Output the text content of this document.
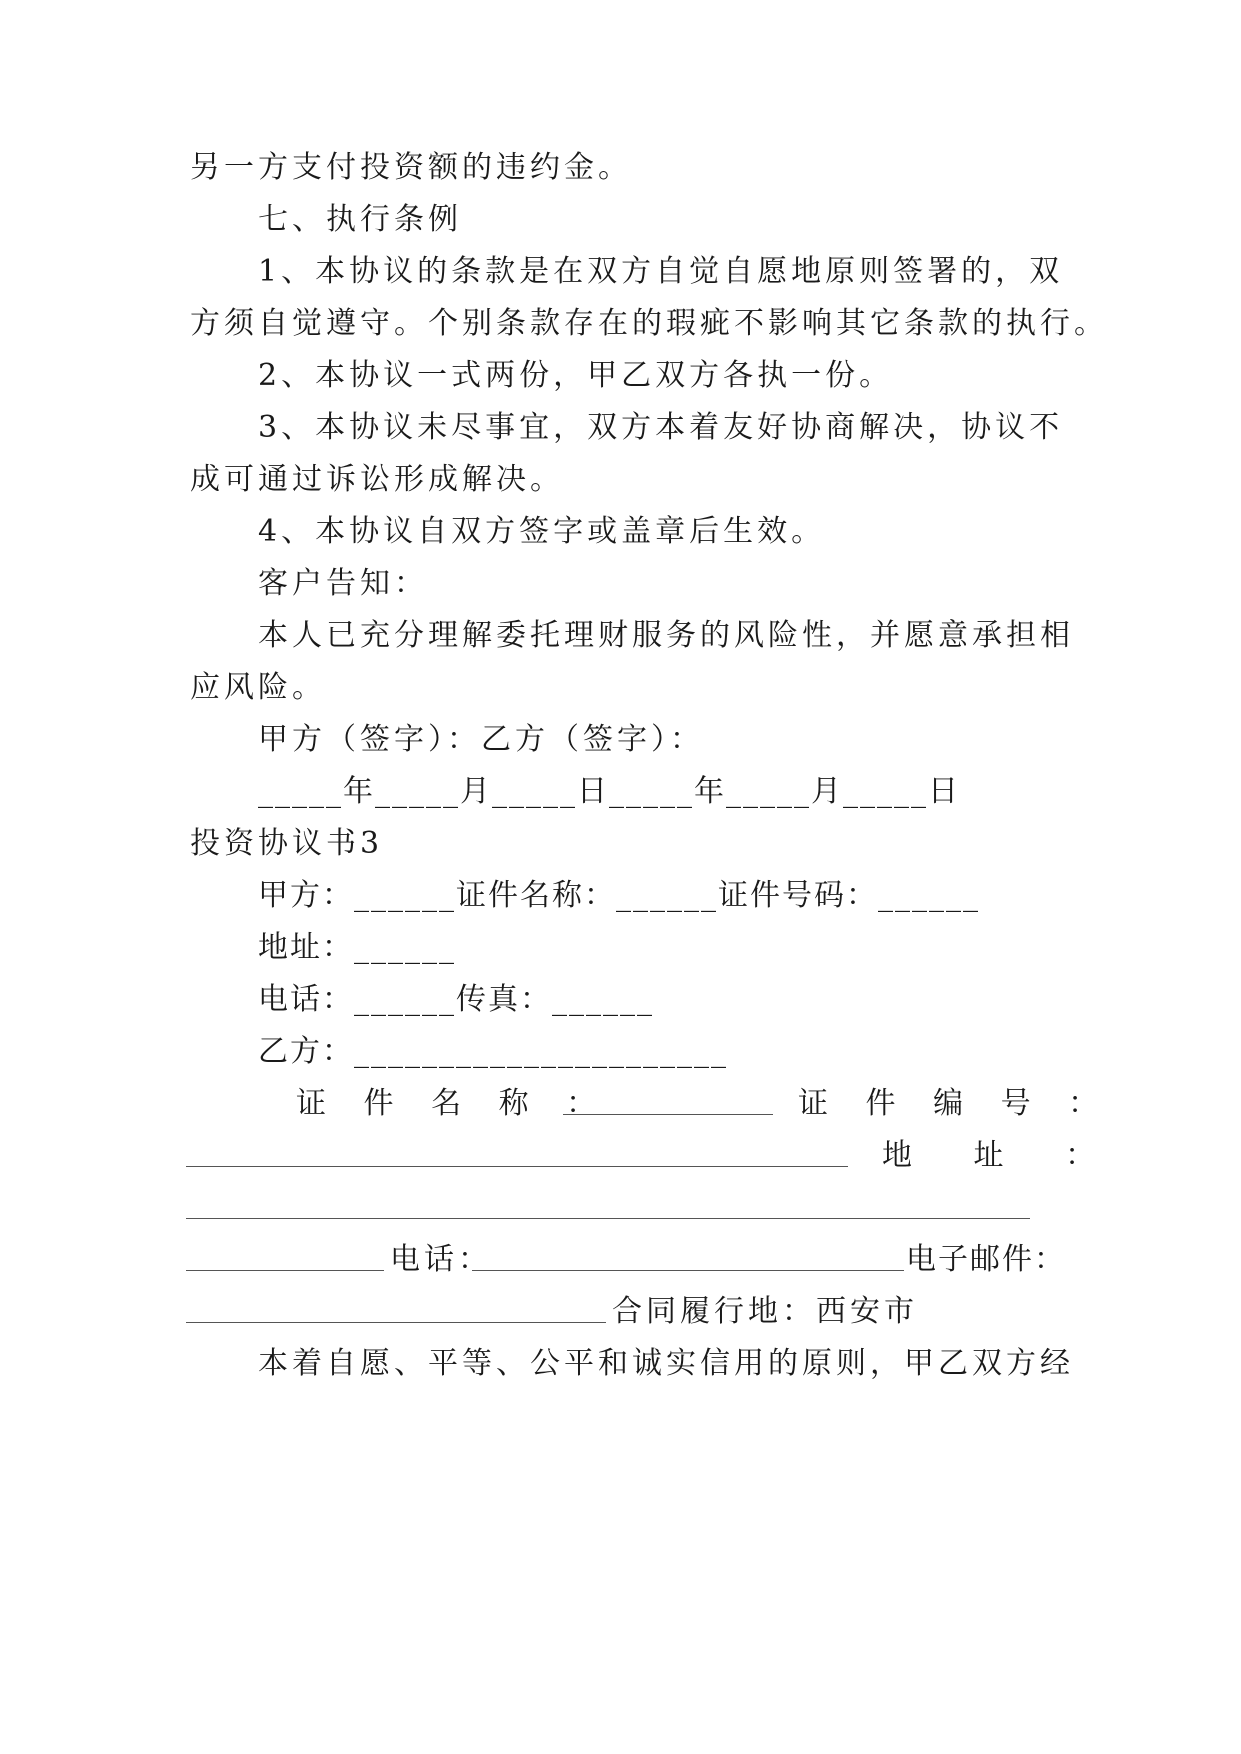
另一方支付投资额的违约金。
七、执行条例
1、本协议的条款是在双方自觉自愿地原则签署的，双
方须自觉遵守。个别条款存在的瑕疵不影响其它条款的执行。
2、本协议一式两份，甲乙双方各执一份。
3、本协议未尽事宜，双方本着友好协商解决，协议不
成可通过诉讼形成解决。
4、本协议自双方签字或盖章后生效。
客户告知：
本人已充分理解委托理财服务的风险性，并愿意承担相
应风险。
甲方（签字）：乙方（签字）：
_____年_____月_____日_____年_____月_____日
投资协议书3
甲方：______证件名称：______证件号码：______
地址：______
电话：______传真：______
乙方：______________________
证 件 名 称 ：	证 件 编 号 ：
地 址 ：
电话：	电子邮件：
合同履行地：西安市
本着自愿、平等、公平和诚实信用的原则，甲乙双方经
